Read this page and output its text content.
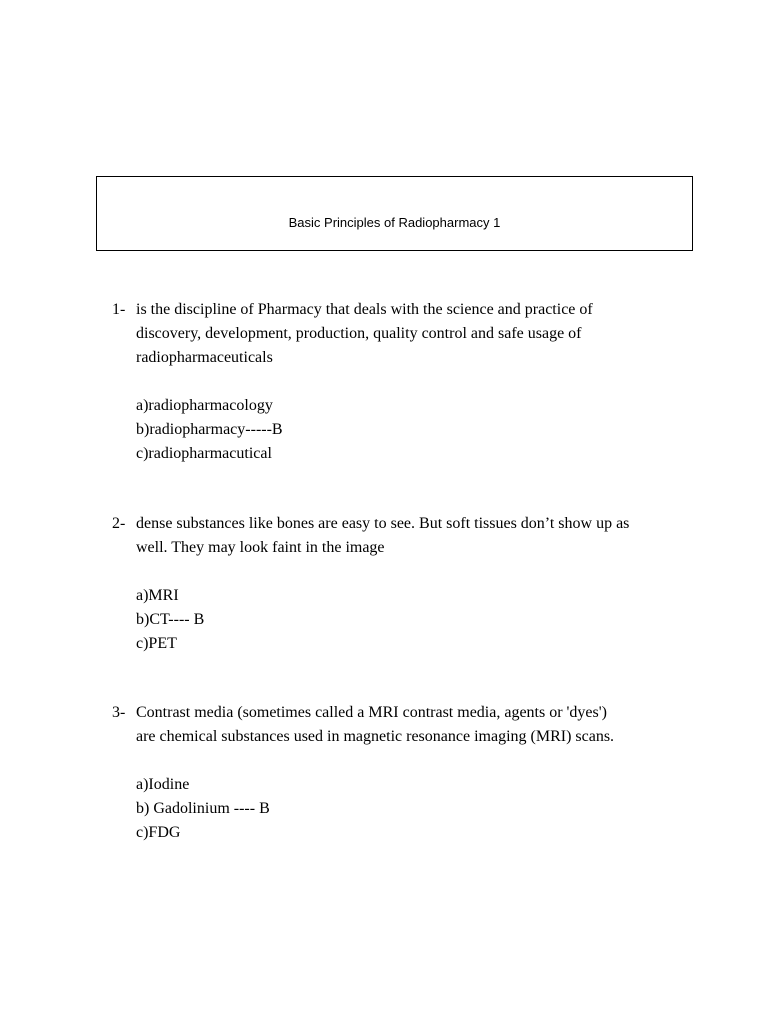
Basic Principles of Radiopharmacy 1
1- is the discipline of Pharmacy that deals with the science and practice of
discovery, development, production, quality control and safe usage of
radiopharmaceuticals
a)radiopharmacology
b)radiopharmacy-----B
c)radiopharmacutical
2- dense substances like bones are easy to see. But soft tissues don’t show up as
well. They may look faint in the image
a)MRI
b)CT---- B
c)PET
3- Contrast media (sometimes called a MRI contrast media, agents or 'dyes')
are chemical substances used in magnetic resonance imaging (MRI) scans.
a)Iodine
b) Gadolinium ---- B
c)FDG
